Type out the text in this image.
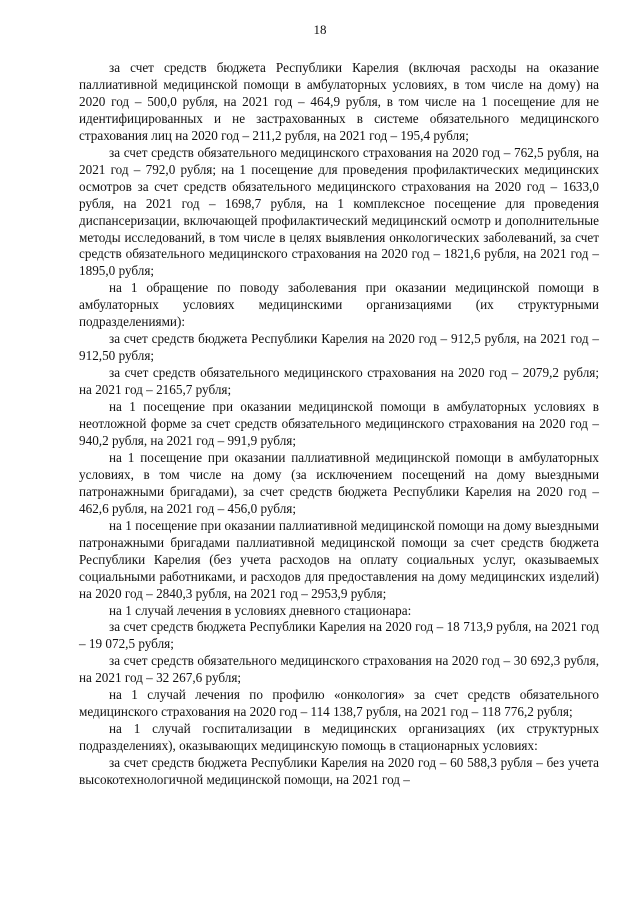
18

за счет средств бюджета Республики Карелия (включая расходы на оказание паллиативной медицинской помощи в амбулаторных условиях, в том числе на дому) на 2020 год – 500,0 рубля, на 2021 год – 464,9 рубля, в том числе на 1 посещение для не идентифицированных и не застрахованных в системе обязательного медицинского страхования лиц на 2020 год – 211,2 рубля, на 2021 год – 195,4 рубля;

за счет средств обязательного медицинского страхования на 2020 год – 762,5 рубля, на 2021 год – 792,0 рубля; на 1 посещение для проведения профилактических медицинских осмотров за счет средств обязательного медицинского страхования на 2020 год – 1633,0 рубля, на 2021 год – 1698,7 рубля, на 1 комплексное посещение для проведения диспансеризации, включающей профилактический медицинский осмотр и дополнительные методы исследований, в том числе в целях выявления онкологических заболеваний, за счет средств обязательного медицинского страхования на 2020 год – 1821,6 рубля, на 2021 год – 1895,0 рубля;

на 1 обращение по поводу заболевания при оказании медицинской помощи в амбулаторных условиях медицинскими организациями (их структурными подразделениями):

за счет средств бюджета Республики Карелия на 2020 год – 912,5 рубля, на 2021 год – 912,50 рубля;

за счет средств обязательного медицинского страхования на 2020 год – 2079,2 рубля; на 2021 год – 2165,7 рубля;

на 1 посещение при оказании медицинской помощи в амбулаторных условиях в неотложной форме за счет средств обязательного медицинского страхования на 2020 год – 940,2 рубля, на 2021 год – 991,9 рубля;

на 1 посещение при оказании паллиативной медицинской помощи в амбулаторных условиях, в том числе на дому (за исключением посещений на дому выездными патронажными бригадами), за счет средств бюджета Республики Карелия на 2020 год – 462,6 рубля, на 2021 год – 456,0 рубля;

на 1 посещение при оказании паллиативной медицинской помощи на дому выездными патронажными бригадами паллиативной медицинской помощи за счет средств бюджета Республики Карелия (без учета расходов на оплату социальных услуг, оказываемых социальными работниками, и расходов для предоставления на дому медицинских изделий) на 2020 год – 2840,3 рубля, на 2021 год – 2953,9 рубля;

на 1 случай лечения в условиях дневного стационара:

за счет средств бюджета Республики Карелия на 2020 год – 18 713,9 рубля, на 2021 год – 19 072,5 рубля;

за счет средств обязательного медицинского страхования на 2020 год – 30 692,3 рубля, на 2021 год – 32 267,6 рубля;

на 1 случай лечения по профилю «онкология» за счет средств обязательного медицинского страхования на 2020 год – 114 138,7 рубля, на 2021 год – 118 776,2 рубля;

на 1 случай госпитализации в медицинских организациях (их структурных подразделениях), оказывающих медицинскую помощь в стационарных условиях:

за счет средств бюджета Республики Карелия на 2020 год – 60 588,3 рубля – без учета высокотехнологичной медицинской помощи, на 2021 год –
